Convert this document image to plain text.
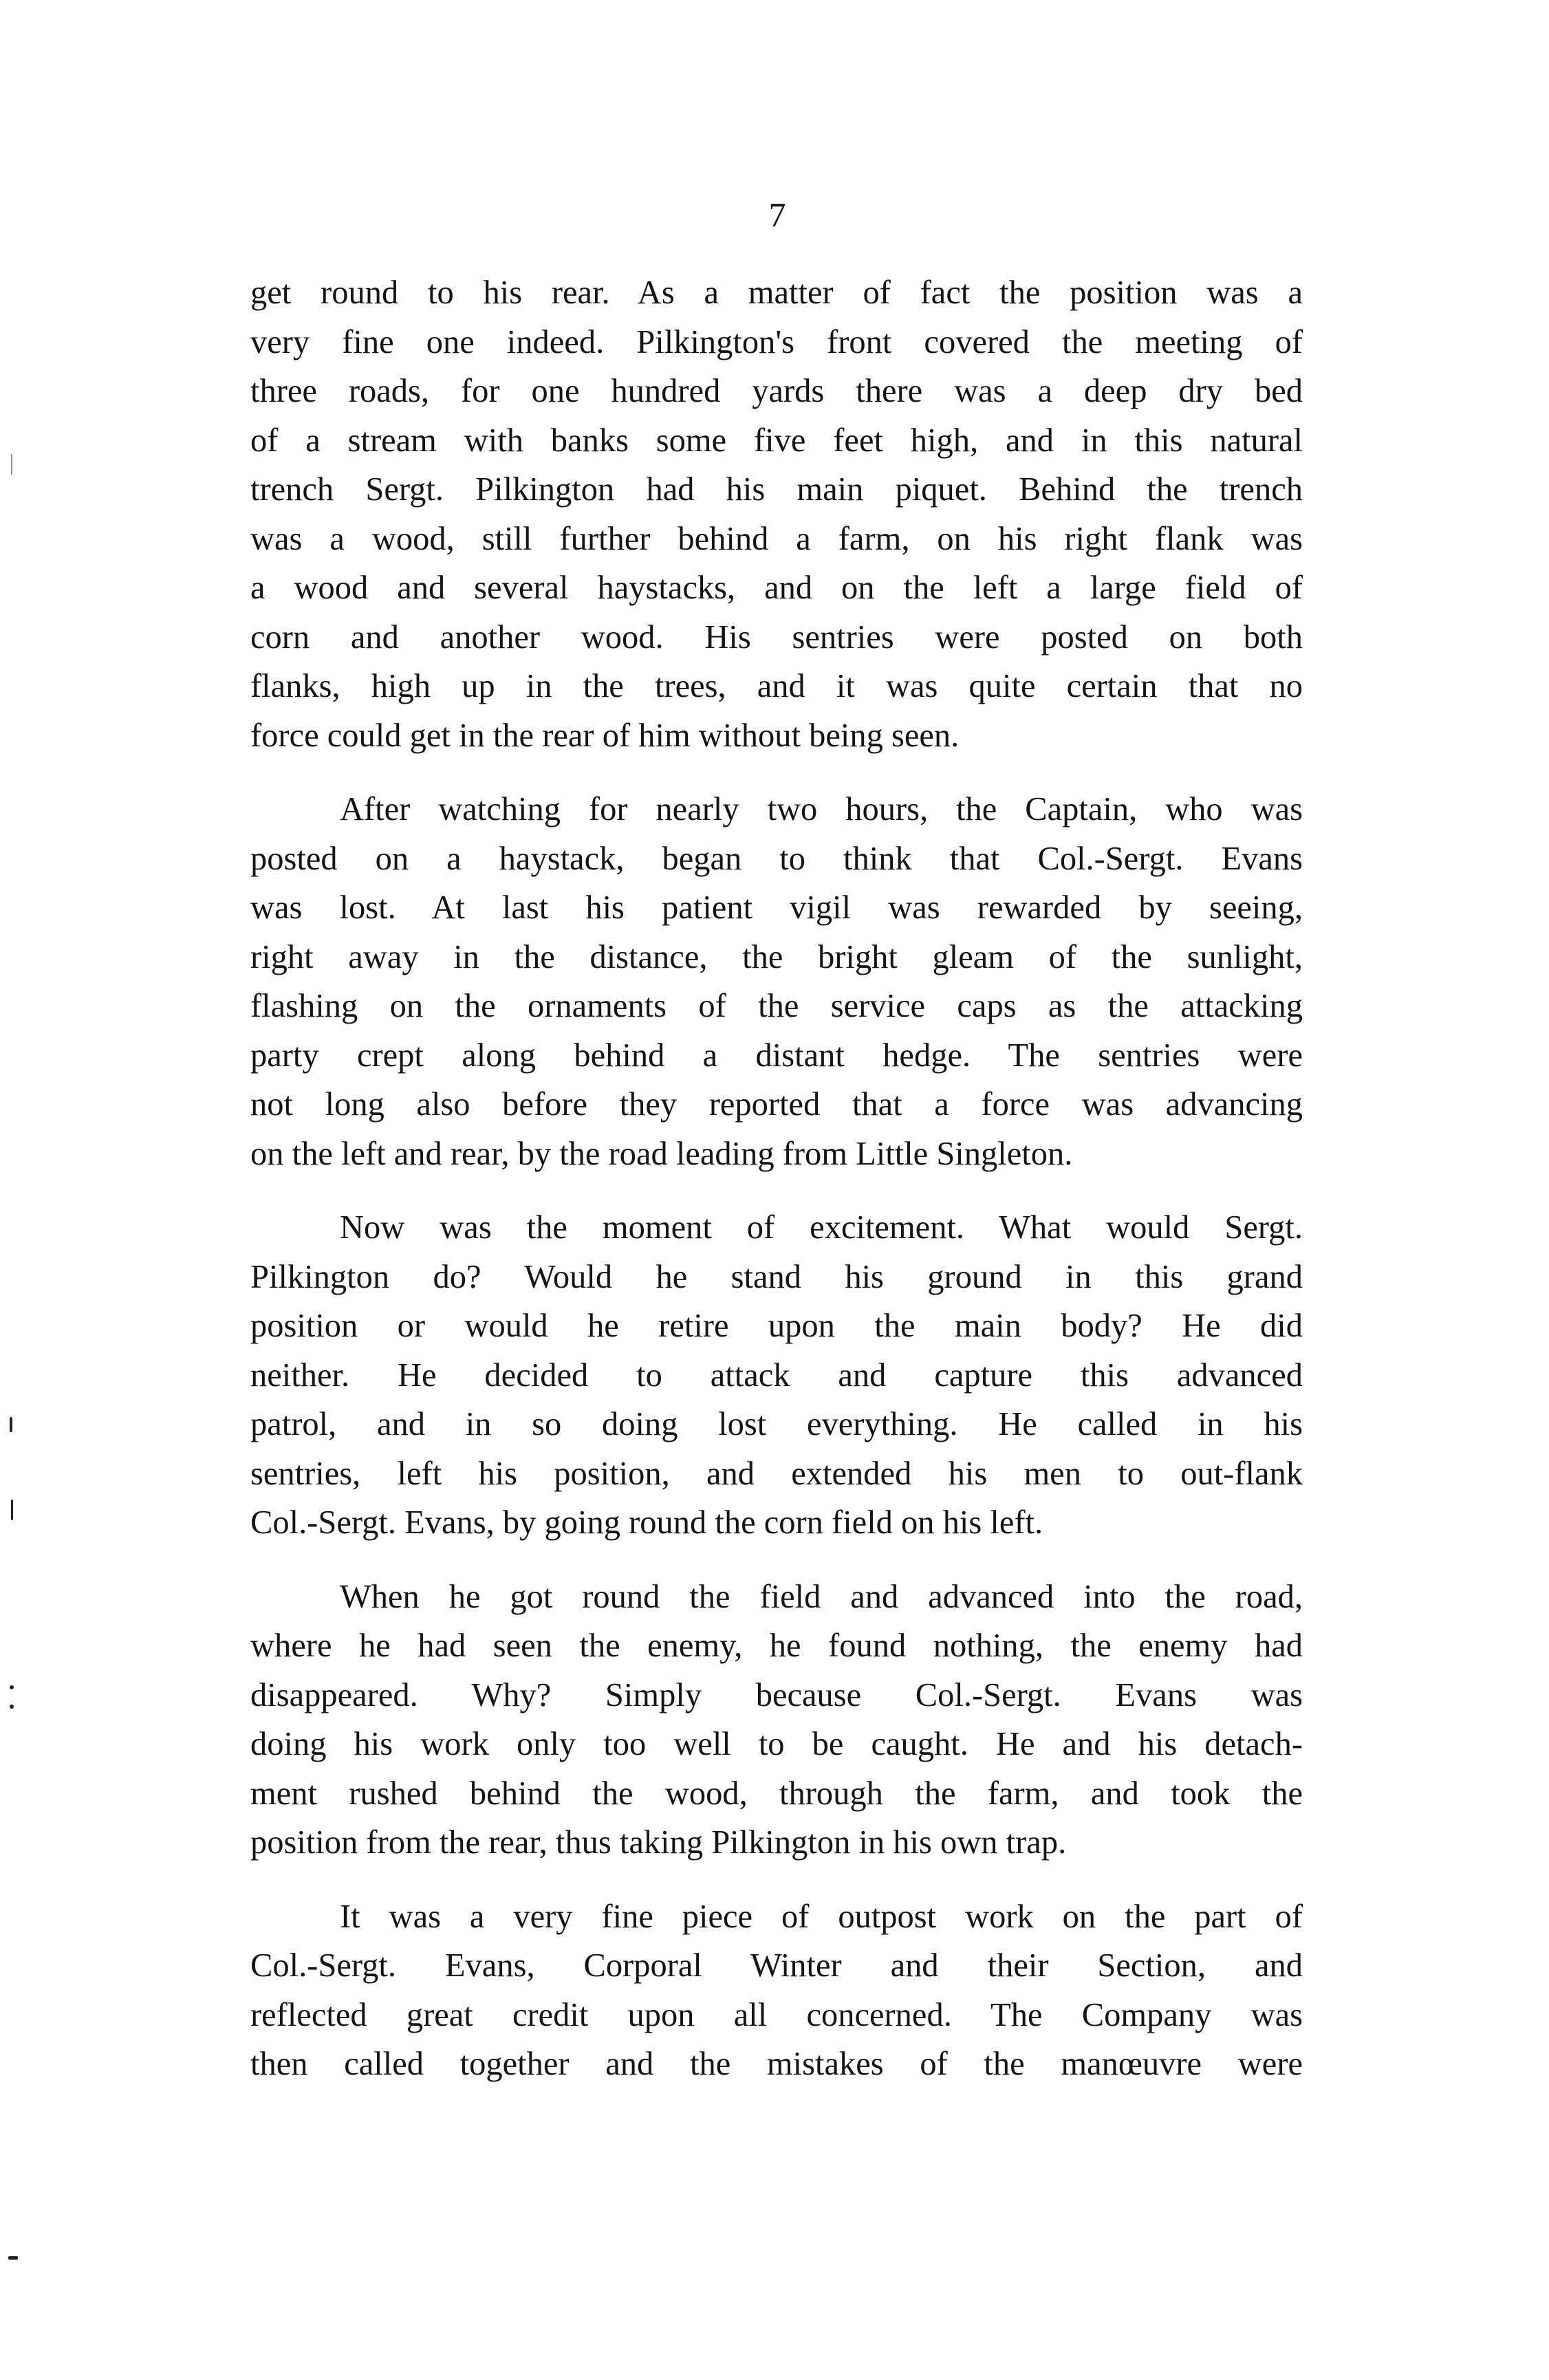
7

get round to his rear. As a matter of fact the position was a
very fine one indeed. Pilkington's front covered the meeting of
three roads, for one hundred yards there was a deep dry bed
of a stream with banks some five feet high, and in this natural
trench Sergt. Pilkington had his main piquet. Behind the trench
was a wood, still further behind a farm, on his right flank was
a wood and several haystacks, and on the left a large field of
corn and another wood. His sentries were posted on both
flanks, high up in the trees, and it was quite certain that no
force could get in the rear of him without being seen.

After watching for nearly two hours, the Captain, who was
posted on a haystack, began to think that Col.-Sergt. Evans
was lost. At last his patient vigil was rewarded by seeing,
right away in the distance, the bright gleam of the sunlight,
flashing on the ornaments of the service caps as the attacking
party crept along behind a distant hedge. The sentries were
not long also before they reported that a force was advancing
on the left and rear, by the road leading from Little Singleton.

Now was the moment of excitement. What would Sergt.
Pilkington do? Would he stand his ground in this grand
position or would he retire upon the main body? He did
neither. He decided to attack and capture this advanced
patrol, and in so doing lost everything. He called in his
sentries, left his position, and extended his men to out-flank
Col.-Sergt. Evans, by going round the corn field on his left.

When he got round the field and advanced into the road,
where he had seen the enemy, he found nothing, the enemy had
disappeared. Why? Simply because Col.-Sergt. Evans was
doing his work only too well to be caught. He and his detach-
ment rushed behind the wood, through the farm, and took the
position from the rear, thus taking Pilkington in his own trap.

It was a very fine piece of outpost work on the part of
Col.-Sergt. Evans, Corporal Winter and their Section, and
reflected great credit upon all concerned. The Company was
then called together and the mistakes of the manœuvre were
